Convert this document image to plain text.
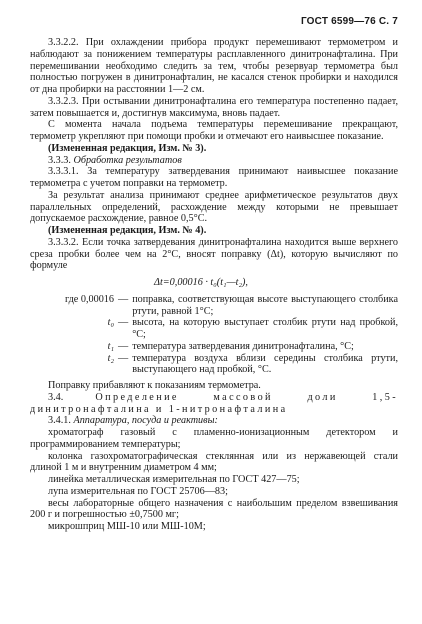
ГОСТ 6599—76 С. 7

3.3.2.2. При охлаждении прибора продукт перемешивают термометром и наблюдают за понижением температуры расплавленного динитронафталина. При перемешивании необходимо следить за тем, чтобы резервуар термометра был полностью погружен в динитронафталин, не касался стенок пробирки и находился от дна пробирки на расстоянии 1—2 см.

3.3.2.3. При остывании динитронафталина его температура постепенно падает, затем повышается и, достигнув максимума, вновь падает.

С момента начала подъема температуры перемешивание прекращают, термометр укрепляют при помощи пробки и отмечают его наивысшее показание.

(Измененная редакция, Изм. № 3).

3.3.3. Обработка результатов

3.3.3.1. За температуру затвердевания принимают наивысшее показание термометра с учетом поправки на термометр.

За результат анализа принимают среднее арифметическое результатов двух параллельных определений, расхождение между которыми не превышает допускаемое расхождение, равное 0,5°С.

(Измененная редакция, Изм. № 4).

3.3.3.2. Если точка затвердевания динитронафталина находится выше верхнего среза пробки более чем на 2°С, вносят поправку (Δt), которую вычисляют по формуле

Δt=0,00016 · t₀(t₁—t₂),

где 0,00016 — поправка, соответствующая высоте выступающего столбика ртути, равной 1°С;
t₀ — высота, на которую выступает столбик ртути над пробкой, °С;
t₁ — температура затвердевания динитронафталина, °С;
t₂ — температура воздуха вблизи середины столбика ртути, выступающего над пробкой, °С.

Поправку прибавляют к показаниям термометра.

3.4.	Определение массовой доли 1,5-динитронафталина и 1-нитронафталина

3.4.1. Аппаратура, посуда и реактивы:

хроматограф газовый с пламенно-ионизационным детектором и программированием температуры;

колонка газохроматографическая стеклянная или из нержавеющей стали длиной 1 м и внутренним диаметром 4 мм;

линейка металлическая измерительная по ГОСТ 427—75;

лупа измерительная по ГОСТ 25706—83;

весы лабораторные общего назначения с наибольшим пределом взвешивания 200 г и погрешностью ±0,7500 мг;

микрошприц МШ-10 или МШ-10М;
